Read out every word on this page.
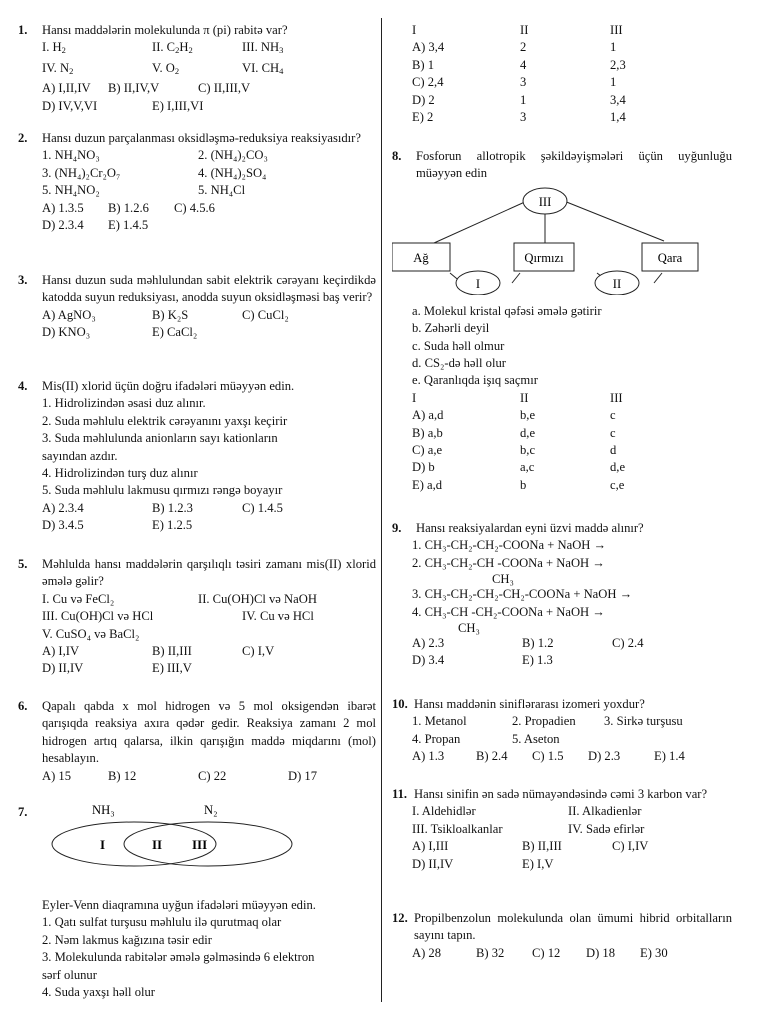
1.	Hansı maddələrin molekulunda π (pi) rabitə var?
I. H2	II. C2H2	III. NH3
IV. N2	V. O2	VI. CH4
A) I,II,IV	B) II,IV,V	C) II,III,V
D) IV,V,VI	E) I,III,VI
2.	Hansı duzun parçalanması oksidləşmə-reduksiya reaksiyasıdır?
1. NH₄NO₃	2. (NH₄)₂CO₃
3. (NH₄)₂Cr₂O₇	4. (NH₄)₂SO₄
5. NH₄NO₂	5. NH₄Cl
A) 1.3.5	B) 1.2.6	C) 4.5.6
D) 2.3.4	E) 1.4.5
3.	Hansı duzun suda məhlulundan sabit elektrik cərəyanı keçirdikdə katodda suyun reduksiyası, anodda suyun oksidləşməsi baş verir?
A) AgNO₃	B) K₂S	C) CuCl₂
D) KNO₃	E) CaCl₂
4.	Mis(II) xlorid üçün doğru ifadələri müəyyən edin.
1. Hidrolizindən əsasi duz alınır.
2. Suda məhlulu elektrik cərəyanını yaxşı keçirir
3. Suda məhlulunda anionların sayı kationların
sayından azdır.
4. Hidrolizindən turş duz alınır
5. Suda məhlulu lakmusu qırmızı rəngə boyayır
A) 2.3.4	B) 1.2.3	C) 1.4.5
D) 3.4.5	E) 1.2.5
5.	Məhlulda hansı maddələrin qarşılıqlı təsiri zamanı mis(II) xlorid əmələ gəlir?
I. Cu və FeCl₂	II. Cu(OH)Cl və NaOH
III. Cu(OH)Cl və HCl	IV. Cu və HCl
V. CuSO₄ və BaCl₂
A) I,IV	B) II,III	C) I,V
D) II,IV	E) III,V
6.	Qapalı qabda x mol hidrogen və 5 mol oksigendən ibarət qarışıqda reaksiya axıra qədər gedir. Reaksiya zamanı 2 mol hidrogen artıq qalarsa, ilkin qarışığın maddə miqdarını (mol) hesablayın.
A) 15	B) 12	C) 22	D) 17
7.	NH₃	N₂
I	II III
Eyler-Venn diaqramına uyğun ifadələri müəyyən edin.
1. Qatı sulfat turşusu məhlulu ilə qurutmaq olar
2. Nəm lakmus kağızına təsir edir
3. Molekulunda rabitələr əmələ gəlməsində 6 elektron
sərf olunur
4. Suda yaxşı həll olur
I	II	III
A) 3,4	2	1
B) 1	4	2,3
C) 2,4	3	1
D) 2	1	3,4
E) 2	3	1,4
8.	Fosforun allotropik şəkildəyişmələri üçün uyğunluğu müəyyən edin
III
Ağ	Qırmızı	Qara
I	II
a. Molekul kristal qəfəsi əmələ gətirir
b. Zəhərli deyil
c. Suda həll olmur
d. CS₂-də həll olur
e. Qaranlıqda işıq saçmır
I	II	III
A) a,d	b,e	c
B) a,b	d,e	c
C) a,e	b,c	d
D) b	a,c	d,e
E) a,d	b	c,e
9.	Hansı reaksiyalardan eyni üzvi maddə alınır?
1. CH₃-CH₂-CH₂-COONa + NaOH →
2. CH₃-CH₂-CH -COONa + NaOH →
CH₃
3. CH₃-CH₂-CH₂-CH₂-COONa + NaOH →
4. CH₃-CH -CH₂-COONa + NaOH →
CH₃
A) 2.3	B) 1.2	C) 2.4
D) 3.4	E) 1.3
10. Hansı maddənin siniflərarası izomeri yoxdur?
1. Metanol	2. Propadien	3. Sirkə turşusu
4. Propan	5. Aseton
A) 1.3	B) 2.4	C) 1.5	D) 2.3	E) 1.4
11. Hansı sinifin ən sadə nümayəndəsində cəmi 3 karbon var?
I. Aldehidlər	II. Alkadienlər
III. Tsikloalkanlar	IV. Sadə efirlər
A) I,III	B) II,III	C) I,IV
D) II,IV	E) I,V
12. Propilbenzolun molekulunda olan ümumi hibrid orbitalların sayını tapın.
A) 28	B) 32	C) 12	D) 18	E) 30
